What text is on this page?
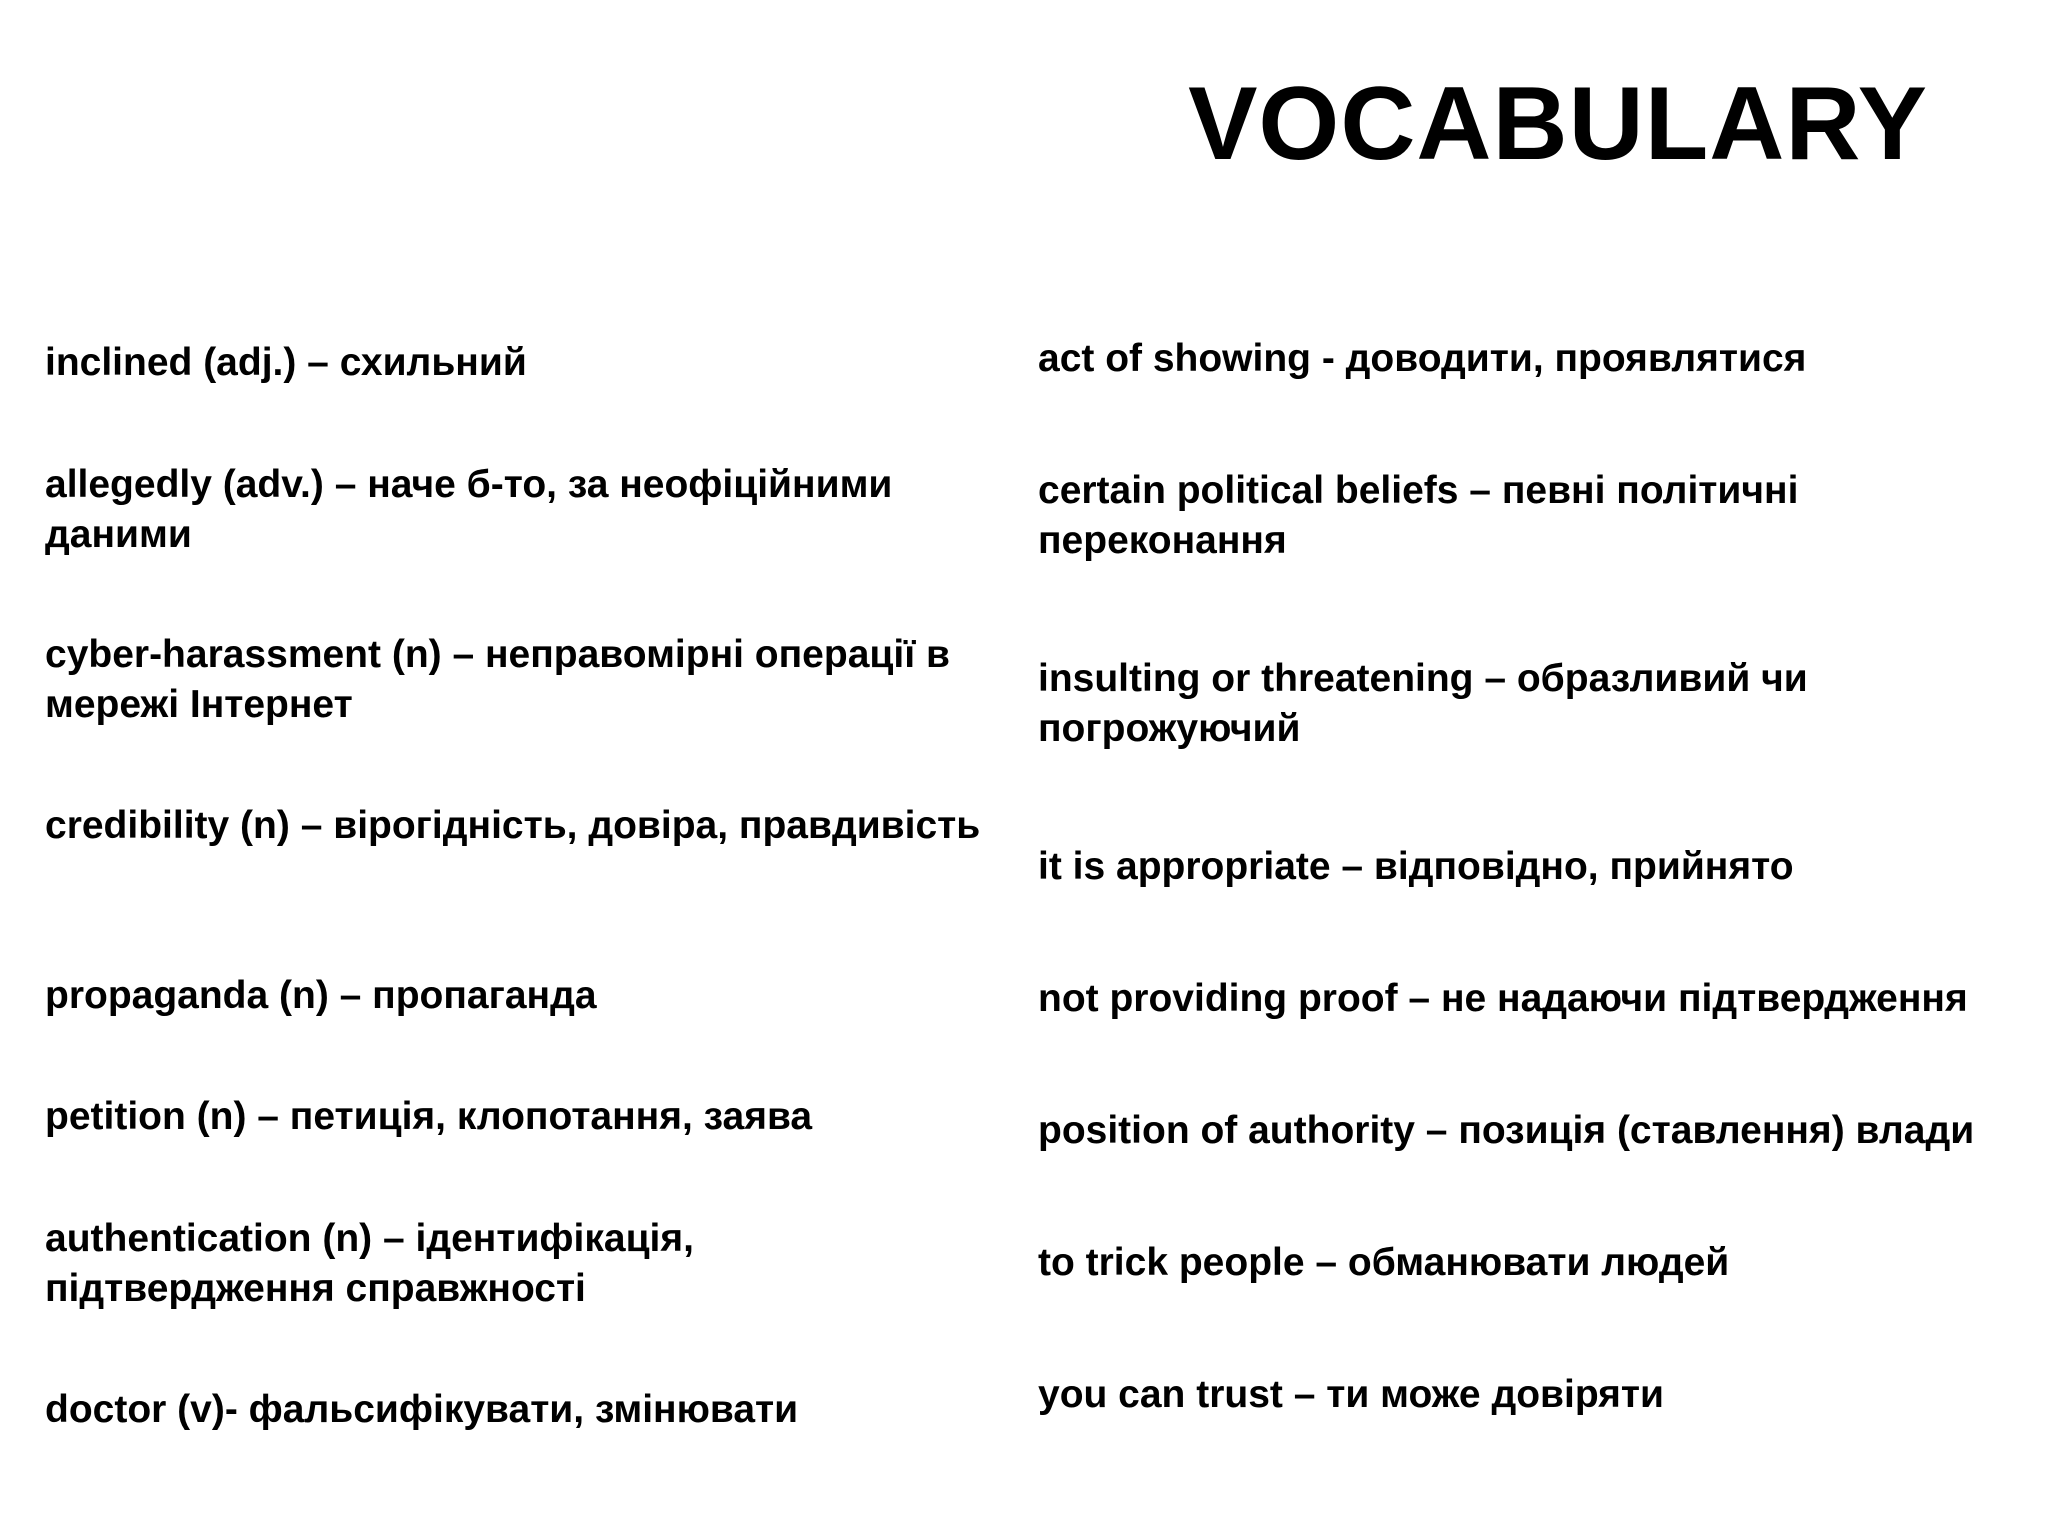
VOCABULARY
inclined (adj.) – схильний
allegedly (adv.) – наче б-то, за неофіційними даними
cyber-harassment (n) – неправомірні операції в мережі Інтернет
credibility (n) – вірогідність, довіра, правдивість
propaganda (n) – пропаганда
petition (n) – петиція, клопотання, заява
authentication (n) – ідентифікація, підтвердження справжності
doctor (v)- фальсифікувати, змінювати
act of showing - доводити, проявлятися
certain political beliefs – певні політичні переконання
insulting or threatening – образливий чи погрожуючий
it is appropriate – відповідно, прийнято
not providing proof – не надаючи підтвердження
position of authority – позиція (ставлення) влади
to trick people – обманювати людей
you can trust – ти може довіряти
